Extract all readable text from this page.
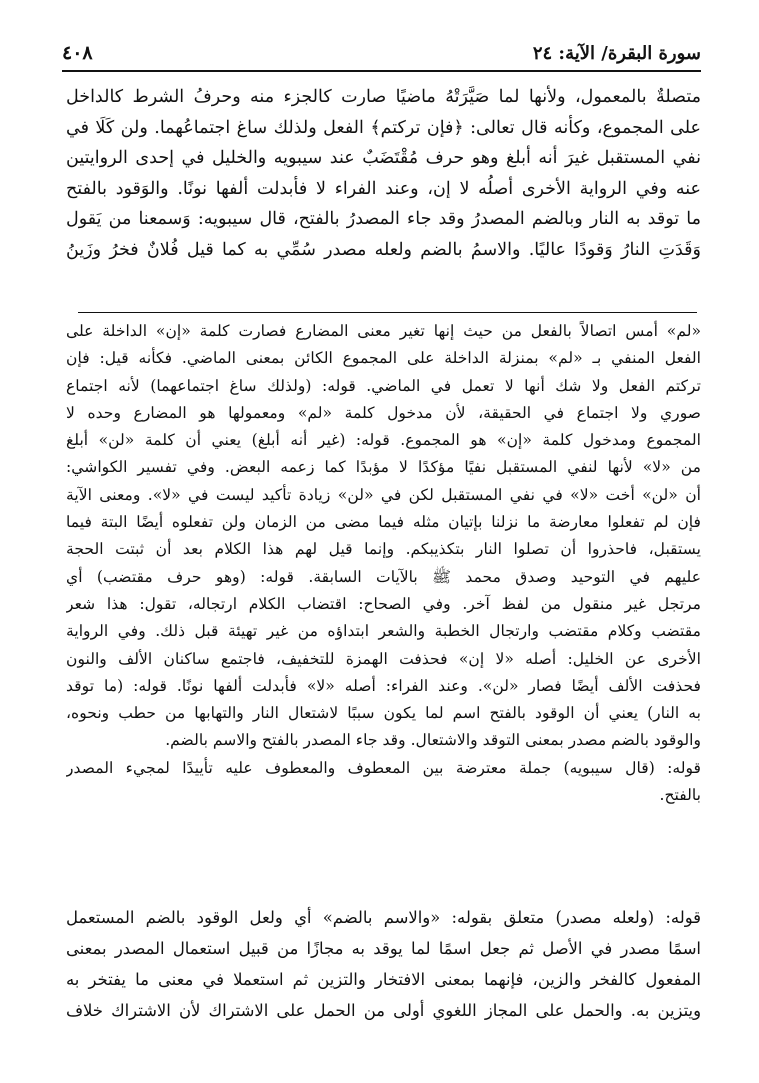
٤٠٨	سورة البقرة/ الآية: ٢٤
متصلةٌ بالمعمول، ولأنها لما صَيَّرَتْهُ ماضيًا صارت كالجزء منه وحرفُ الشرط كالداخل
على المجموع، وكأنه قال تعالى: ﴿فإن تركتم﴾ الفعل ولذلك ساغ اجتماعُهما. ولن كَلَا في
نفي المستقبل غيرَ أنه أبلغ وهو حرف مُقْتَضَبٌ عند سيبويه والخليل في إحدى الروايتين
عنه وفي الرواية الأخرى أصلُه لا إن، وعند الفراء لا فأبدلت ألفها نونًا. والوَقود بالفتح
ما توقد به النار وبالضم المصدرُ وقد جاء المصدرُ بالفتح، قال سيبويه: وَسمعنا من يَقول
وَقَدَتِ النارُ وَقودًا عاليًا. والاسمُ بالضم ولعله مصدر سُمِّي به كما قيل فُلانٌ فخرُ وزَينُ
«لم» أمس اتصالاً بالفعل من حيث إنها تغير معنى المضارع فصارت كلمة «إن» الداخلة على
الفعل المنفي بـ «لم» بمنزلة الداخلة على المجموع الكائن بمعنى الماضي. فكأنه قيل: فإن
تركتم الفعل ولا شك أنها لا تعمل في الماضي. قوله: (ولذلك ساغ اجتماعهما) لأنه اجتماع
صوري ولا اجتماع في الحقيقة، لأن مدخول كلمة «لم» ومعمولها هو المضارع وحده لا
المجموع ومدخول كلمة «إن» هو المجموع. قوله: (غير أنه أبلغ) يعني أن كلمة «لن» أبلغ
من «لا» لأنها لنفي المستقبل نفيًا مؤكدًا لا مؤبدًا كما زعمه البعض. وفي تفسير الكواشي:
أن «لن» أخت «لا» في نفي المستقبل لكن في «لن» زيادة تأكيد ليست في «لا». ومعنى الآية
فإن لم تفعلوا معارضة ما نزلنا بإتيان مثله فيما مضى من الزمان ولن تفعلوه أيضًا البتة فيما
يستقبل، فاحذروا أن تصلوا النار بتكذيبكم. وإنما قيل لهم هذا الكلام بعد أن ثبتت الحجة
عليهم في التوحيد وصدق محمد ﷺ بالآيات السابقة. قوله: (وهو حرف مقتضب) أي
مرتجل غير منقول من لفظ آخر. وفي الصحاح: اقتضاب الكلام ارتجاله، تقول: هذا شعر
مقتضب وكلام مقتضب وارتجال الخطبة والشعر ابتداؤه من غير تهيئة قبل ذلك. وفي الرواية
الأخرى عن الخليل: أصله «لا إن» فحذفت الهمزة للتخفيف، فاجتمع ساكنان الألف والنون
فحذفت الألف أيضًا فصار «لن». وعند الفراء: أصله «لا» فأبدلت ألفها نونًا. قوله: (ما توقد
به النار) يعني أن الوقود بالفتح اسم لما يكون سببًا لاشتعال النار والتهابها من حطب ونحوه،
والوقود بالضم مصدر بمعنى التوقد والاشتعال. وقد جاء المصدر بالفتح والاسم بالضم.
قوله: (قال سيبويه) جملة معترضة بين المعطوف والمعطوف عليه تأييدًا لمجيء المصدر
بالفتح.
قوله: (ولعله مصدر) متعلق بقوله: «والاسم بالضم» أي ولعل الوقود بالضم المستعمل
اسمًا مصدر في الأصل ثم جعل اسمًا لما يوقد به مجازًا من قبيل استعمال المصدر بمعنى
المفعول كالفخر والزين، فإنهما بمعنى الافتخار والتزين ثم استعملا في معنى ما يفتخر به
ويتزين به. والحمل على المجاز اللغوي أولى من الحمل على الاشتراك لأن الاشتراك خلاف
